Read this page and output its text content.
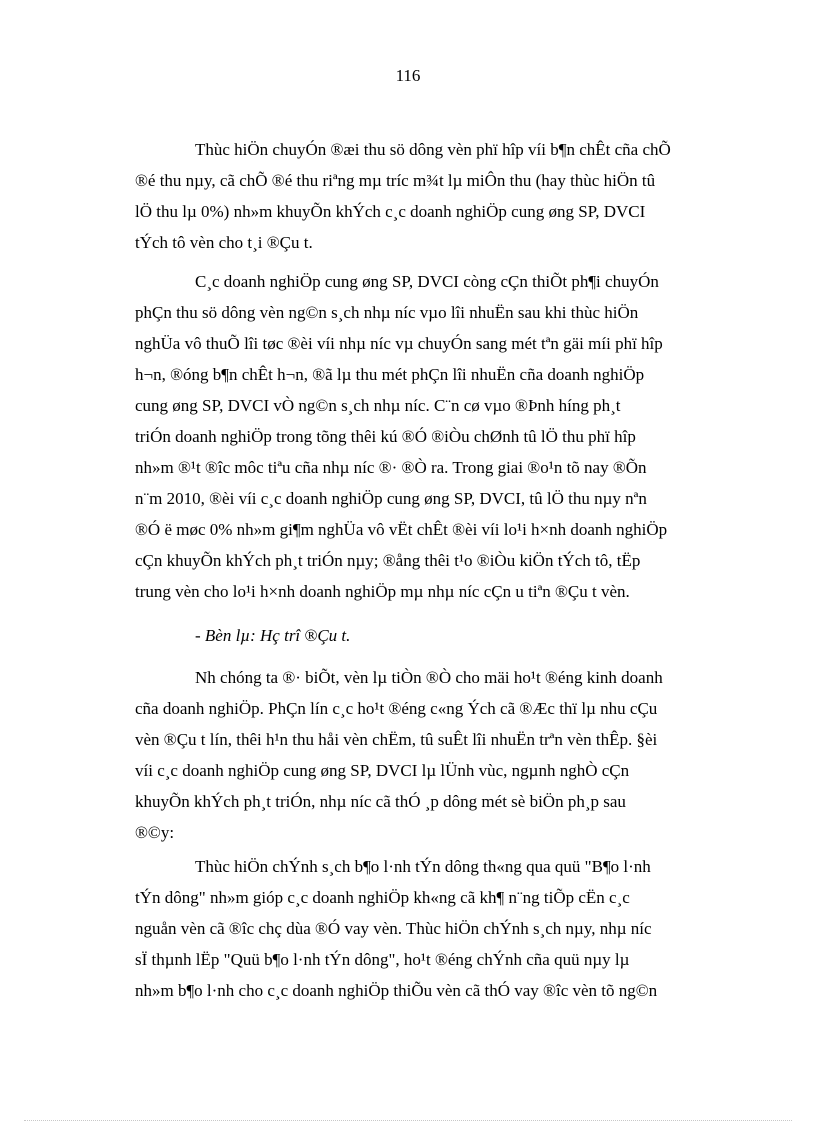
116
Thùc hiÖn chuyÓn ®æi thu sö dông vèn phï hîp víi b¶n chÊt cña chÕ
®é thu nµy, cã chÕ ®é thu riªng mµ tríc m¾t lµ miÔn thu (hay thùc hiÖn tû
lÖ thu lµ 0%) nh»m khuyÕn khÝch c¸c doanh nghiÖp cung øng SP, DVCI
tÝch tô vèn cho t¸i ®Çu t.
C¸c doanh nghiÖp cung øng SP, DVCI còng cÇn thiÕt ph¶i chuyÓn
phÇn thu sö dông vèn ng©n s¸ch nhµ níc vµo lîi nhuËn sau khi thùc hiÖn
nghÜa vô thuÕ lîi tøc ®èi víi nhµ níc vµ chuyÓn sang mét tªn gäi míi phï hîp
h¬n, ®óng b¶n chÊt h¬n, ®ã lµ thu mét phÇn lîi nhuËn cña doanh nghiÖp
cung øng SP, DVCI vÒ ng©n s¸ch nhµ níc. C¨n cø vµo ®Þnh híng ph¸t
triÓn doanh nghiÖp trong tõng thêi kú ®Ó ®iÒu chØnh tû lÖ thu phï hîp
nh»m ®¹t ®îc môc tiªu cña nhµ níc ®· ®Ò ra. Trong giai ®o¹n tõ nay ®Õn
n¨m 2010, ®èi víi c¸c doanh nghiÖp cung øng SP, DVCI, tû lÖ thu nµy nªn
®Ó ë møc 0% nh»m gi¶m nghÜa vô vËt chÊt ®èi víi lo¹i h×nh doanh nghiÖp
cÇn khuyÕn khÝch ph¸t triÓn nµy; ®ång thêi t¹o ®iÒu kiÖn tÝch tô, tËp
trung vèn cho lo¹i h×nh doanh nghiÖp mµ nhµ níc cÇn u tiªn ®Çu t vèn.
- Bèn lµ: Hç trî ®Çu t.
Nh chóng ta ®· biÕt, vèn lµ tiÒn ®Ò cho mäi ho¹t ®éng kinh doanh
cña doanh nghiÖp. PhÇn lín c¸c ho¹t ®éng c«ng Ých cã ®Æc thï lµ nhu cÇu
vèn ®Çu t lín, thêi h¹n thu håi vèn chËm, tû suÊt lîi nhuËn trªn vèn thÊp. §èi
víi c¸c doanh nghiÖp cung øng SP, DVCI lµ lÜnh vùc, ngµnh nghÒ cÇn
khuyÕn khÝch ph¸t triÓn, nhµ níc cã thÓ ¸p dông mét sè biÖn ph¸p sau
®©y:
Thùc hiÖn chÝnh s¸ch b¶o l·nh tÝn dông th«ng qua quü "B¶o l·nh
tÝn dông" nh»m gióp c¸c doanh nghiÖp kh«ng cã kh¶ n¨ng tiÕp cËn c¸c
nguån vèn cã ®îc chç dùa ®Ó vay vèn. Thùc hiÖn chÝnh s¸ch nµy, nhµ níc
sÏ thµnh lËp "Quü b¶o l·nh tÝn dông", ho¹t ®éng chÝnh cña quü nµy lµ
nh»m b¶o l·nh cho c¸c doanh nghiÖp thiÕu vèn cã thÓ vay ®îc vèn tõ ng©n
